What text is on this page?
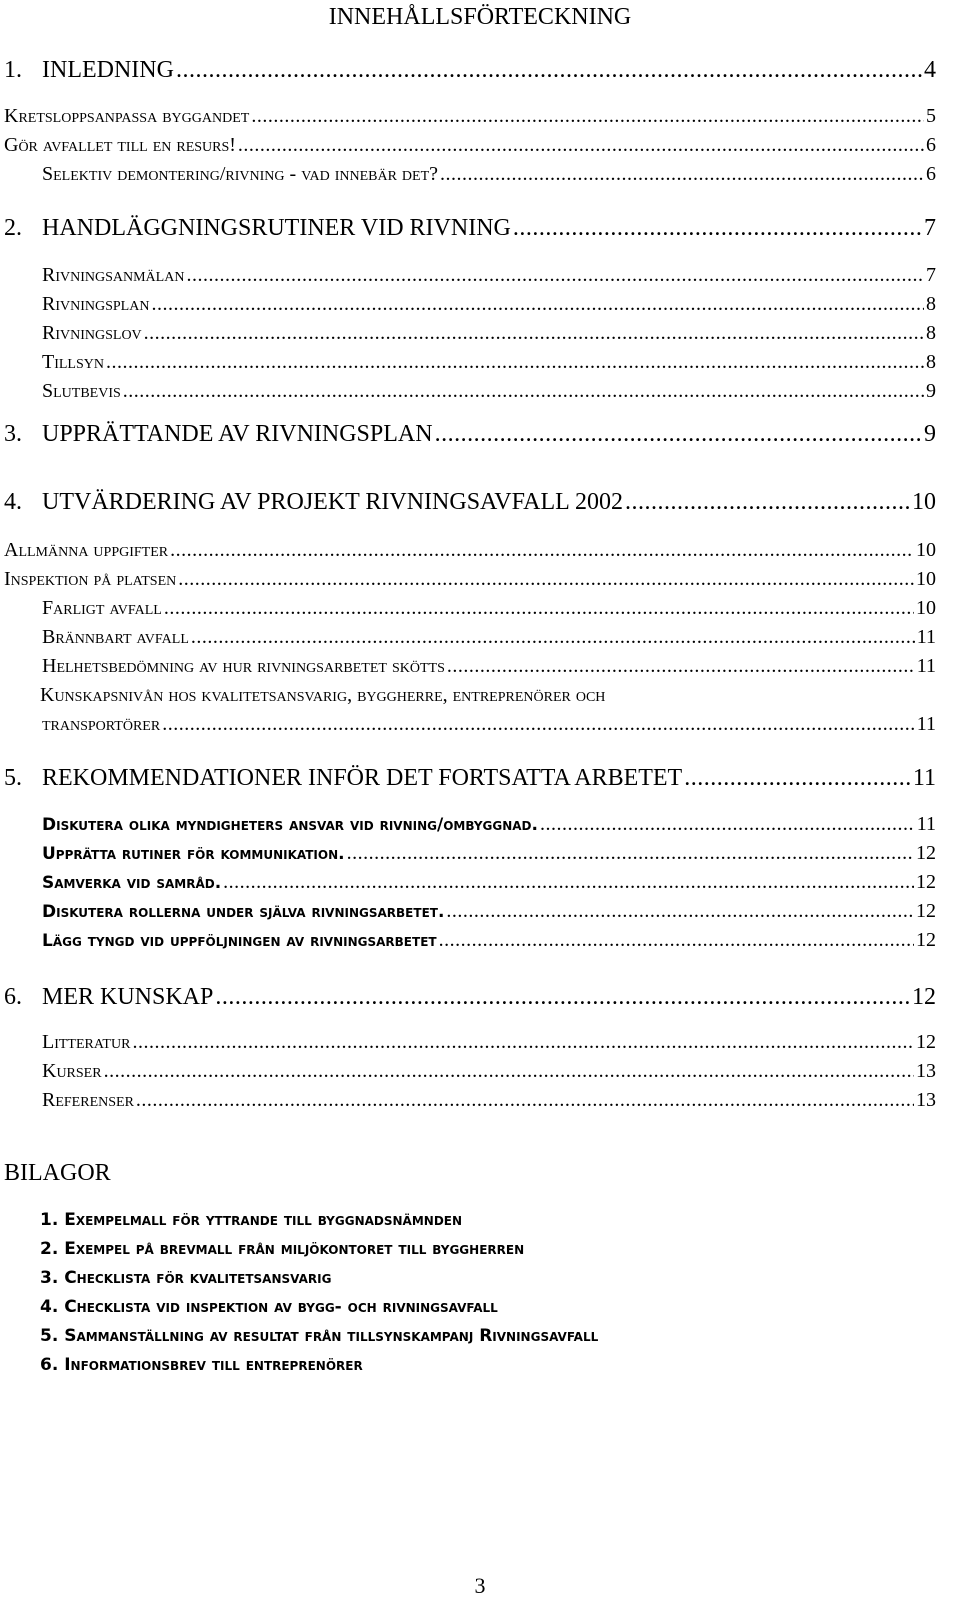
INNEHÅLLSFÖRTECKNING
1. INLEDNING .....	4
Kretsloppsanpassa byggandet .....	5
Gör avfallet till en resurs! .....	6
Selektiv demontering/rivning - vad innebär det? .....	6
2. HANDLÄGGNINGSRUTINER VID RIVNING .....	7
Rivningsanmälan .....	7
Rivningsplan .....	8
Rivningslov .....	8
Tillsyn .....	8
Slutbevis .....	9
3. UPPRÄTTANDE AV RIVNINGSPLAN .....	9
4. UTVÄRDERING AV PROJEKT RIVNINGSAVFALL 2002 .....	10
Allmänna uppgifter .....	10
Inspektion på platsen .....	10
Farligt avfall .....	10
Brännbart avfall .....	11
Helhetsbedömning av hur rivningsarbetet skötts .....	11
Kunskapsnivån hos kvalitetsansvarig, byggherre, entreprenörer och
transportörer .....	11
5. REKOMMENDATIONER INFÖR DET FORTSATTA ARBETET .....	11
Diskutera olika myndigheters ansvar vid rivning/ombyggnad. .....	11
Upprätta rutiner för kommunikation. .....	12
Samverka vid samråd. .....	12
Diskutera rollerna under själva rivningsarbetet. .....	12
Lägg tyngd vid uppföljningen av rivningsarbetet .....	12
6. MER KUNSKAP .....	12
Litteratur .....	12
Kurser .....	13
Referenser .....	13
BILAGOR
1. Exempelmall för yttrande till byggnadsnämnden
2. Exempel på brevmall från miljökontoret till byggherren
3. Checklista för kvalitetsansvarig
4. Checklista vid inspektion av bygg- och rivningsavfall
5. Sammanställning av resultat från tillsynskampanj Rivningsavfall
6. Informationsbrev till entreprenörer
3
